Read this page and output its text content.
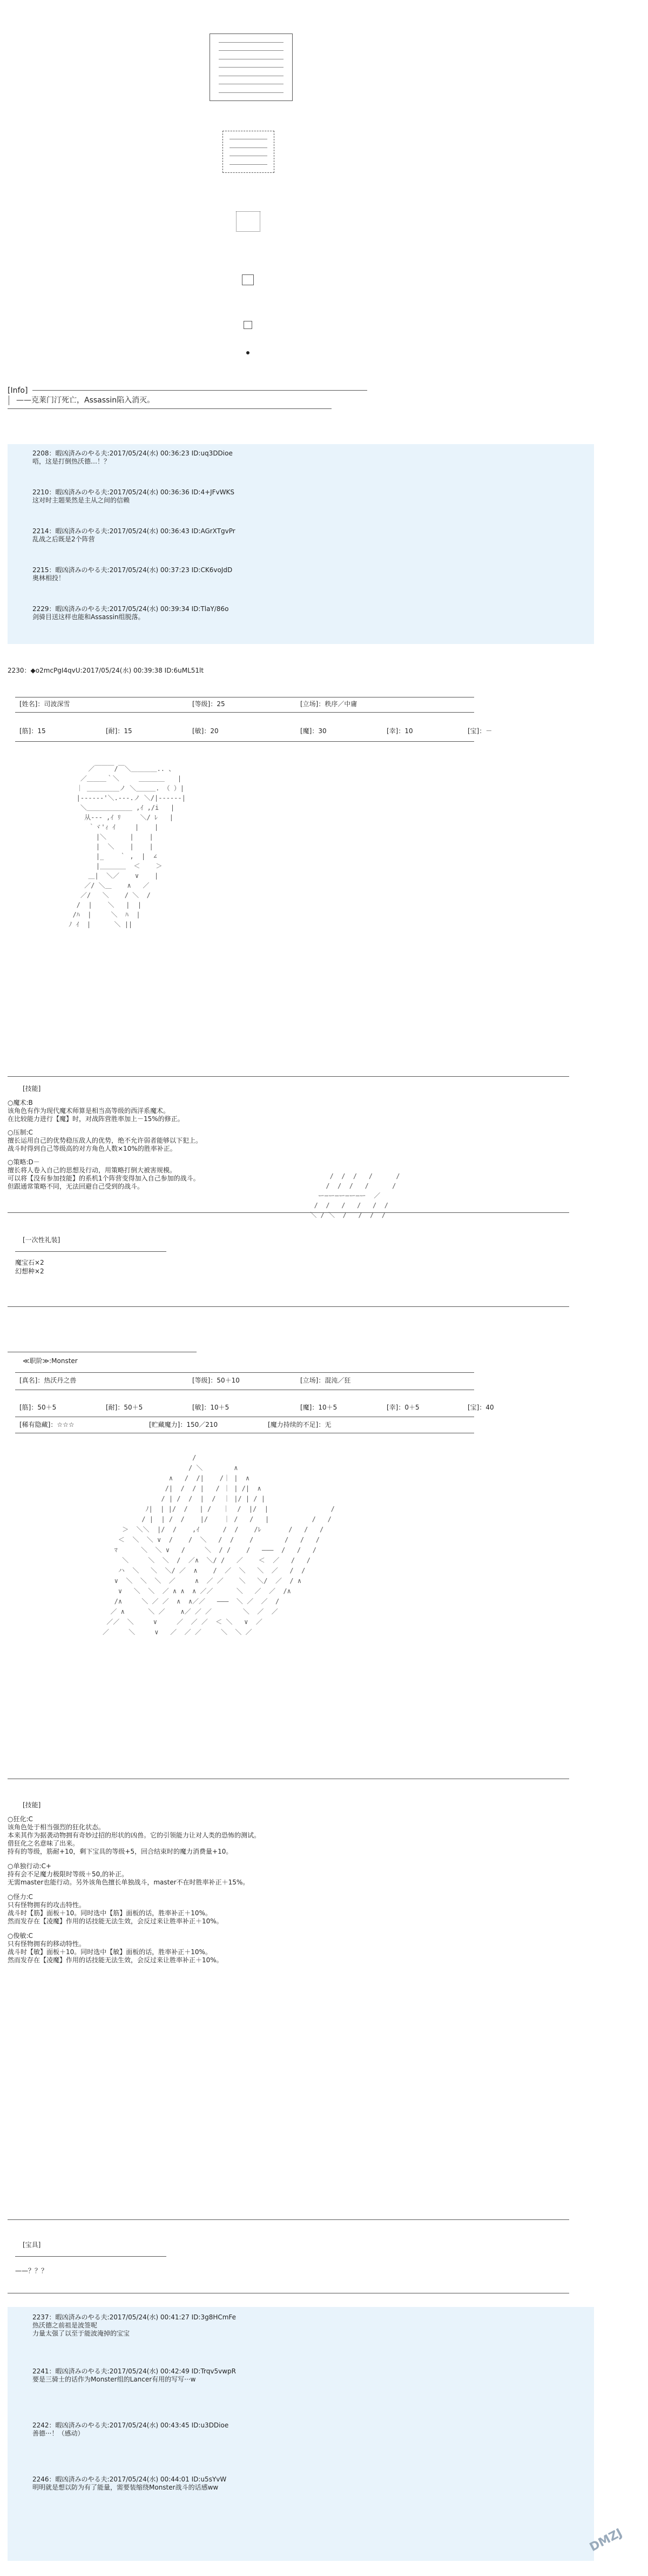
[Info]
——克莱门汀死亡，Assassin陷入消灭。
2208：暇凶済みのやる夫:2017/05/24(水) 00:36:23 ID:uq3DDioe
唔，这是打倒热沃德…！？
2210：暇凶済みのやる夫:2017/05/24(水) 00:36:36 ID:4+JFvWKS
这对时主题果然是主从之间的信赖
2214：暇凶済みのやる夫:2017/05/24(水) 00:36:43 ID:AGrXTgvPr
乱战之后既是2个阵营
2215：暇凶済みのやる夫:2017/05/24(水) 00:37:23 ID:CK6voJdD
奥林相投！
2229：暇凶済みのやる夫:2017/05/24(水) 00:39:34 ID:TlaY/86o
剑骑目送这样也能和Assassin组脱落。
2230：◆o2mcPgI4qvU:2017/05/24(水) 00:39:38 ID:6uML51lt
[姓名]：司波深雪	[等级]：25	[立场]：秩序／中庸
[筋]：15	[耐]：15	[敏]：20	[魔]：30	[幸]：10	[宝]：－

／￣￣￣/￣＼＿＿＿＿.. 、
／＿＿＿｀＼　　　＿＿＿＿　　|
｜ ＿＿＿＿＿ノ ＼＿＿＿. （ ）|
|‐‐‐‐‐‐'＼.‐‐‐.ノ ＼/|‐‐‐‐‐‐|
＼＿＿＿＿＿＿＿ ,ｲ ,/i   |
从‐‐‐ ,ｲ ﾘ     ＼/ ﾚ   |
｀ヾ'ｨ ｲ     |    |
|＼      |    |
|  ＼    |    |
|_    ｀ ,  |  ∠
|＿＿＿＿  ＜    ＞
＿|  ＼／    ∨    |
／/ ＼＿    ∧   ／
／/   ＼    / ＼  /
/  |    ＼   |  |
/ﾊ  |     ＼  ﾊ  |
ﾉ ｲ  |      ＼ ||

[技能]
○魔术:B
该角色有作为现代魔术师算是相当高等级的西洋系魔术。
在比较能力进行【魔】时，对战阵营胜率加上－15%的修正。
○压制:C
擅长运用自己的优势稳压敌人的优势，绝不允许弱者能够以下犯上。
战斗时得到自己等级高的对方角色人数×10%的胜率补正。
○策略:D－
擅长将人卷入自己的思想及行动，用策略打倒大被害规模。
可以将【没有参加技能】的系机1个阵营变得加入自己参加的战斗。
但跟通常策略不同，无法回避自己受到的战斗。
[一次性礼装]
魔宝石×2
幻想种×2

/  /  /   /      /
/  /  /   /      /
ー―ー―ー―ー―ー  ／
/  /   /   /   /  /
＼ / ＼  /   /  /  /

≪职阶≫:Monster
[真名]：热沃丹之兽	[等级]：50＋10	[立场]：混沌／狂
[筋]：50＋5	[耐]：50＋5	[敏]：10＋5	[魔]：10＋5	[幸]：0＋5	[宝]：40
[稀有隐藏]：☆☆☆	[贮藏魔力]：150／210	[魔力持续的不足]：无

/
/ ＼        ∧
∧   /  /|    /｜ |  ∧
/|  /  / |   / ｜ | /|  ∧
/ | /  /  |  /  ｜ |/ | / |
ﾉ|  | |/  /   | /   ｜  /  |/  |                /
/ |  | /  /    |/    ｜ /   /   |           /   /
＞  ＼＼  |/  /    ,ｲ      /  /    /ﾚ       /   /   /
＜  ＼  ＼ ∨  /    /  ＼   /  /    /        /   /   /
ﾏ      ＼  ＼ ∨   /     ＼  / /    /   ―――  /   /   /
＼     ＼  ＼  /  ／∧  ＼/ /   ／    ＜  ／   /   /
ハ  ＼   ＼  ＼/ ／  ∧    /  ／  ＼   ＼  ／   /  /
∨  ＼  ＼  ＼  ／     ∧  ／ ／    ＼   ＼/  ／  / ∧
∨   ＼  ＼  ／ ∧ ∧  ∧ ／／      ＼   ／  ／  /∧
/∧     ＼ ／ ／  ∧  ∧／／   ―――  ＼ ／  ／  /
／ ∧      ＼ ／    ∧／ ／ ／        ＼  ／  ／
／／  ＼     ∨     ／  ／ ／  ＜ ＼   ∨  ／
／     ＼     ∨   ／  ／ ／     ＼  ＼ ／

[技能]
○狂化:C
该角色处于相当强烈的狂化状态。
本来其作为据袭动物拥有奇妙过招的形状的凶兽。它的引领能力让对人类的恐怖的测试。
借狂化之名意味了出来。
持有的等级，筋耐+10，剩下宝具的等级+5，回合结束时的魔力消费量+10。
○单独行动:C+
持有会不足魔力极限时等级＋50,的补正。
无需master也能行动。另外该角色擅长单独战斗，master不在时胜率补正＋15%。
○怪力:C
只有怪物拥有的攻击特性。
战斗时【筋】面板＋10。同时选中【筋】面板的话，胜率补正＋10%。
然而发存在【凌魔】作用的话技能无法生效，会反过来让胜率补正＋10%。
○俊敏:C
只有怪物拥有的移动特性。
战斗时【敏】面板＋10。同时选中【敏】面板的话，胜率补正＋10%。
然而发存在【凌魔】作用的话技能无法生效，会反过来让胜率补正＋10%。
[宝具]
——？？？
2237：暇凶済みのやる夫:2017/05/24(水) 00:41:27 ID:3g8HCmFe
热沃德之前祖是波签呢
力量太强了以至于能波淹掉的宝宝
2241：暇凶済みのやる夫:2017/05/24(水) 00:42:49 ID:Trqv5vwpR
要是三骑士的话作为Monster组的Lancer有用的写写···w
2242：暇凶済みのやる夫:2017/05/24(水) 00:43:45 ID:u3DDioe
善德···！（感动）
2246：暇凶済みのやる夫:2017/05/24(水) 00:44:01 ID:u5sYvW
明明就是想以防为有了能量，需要装缩绕Monster战斗的话感ww
DMZJ
